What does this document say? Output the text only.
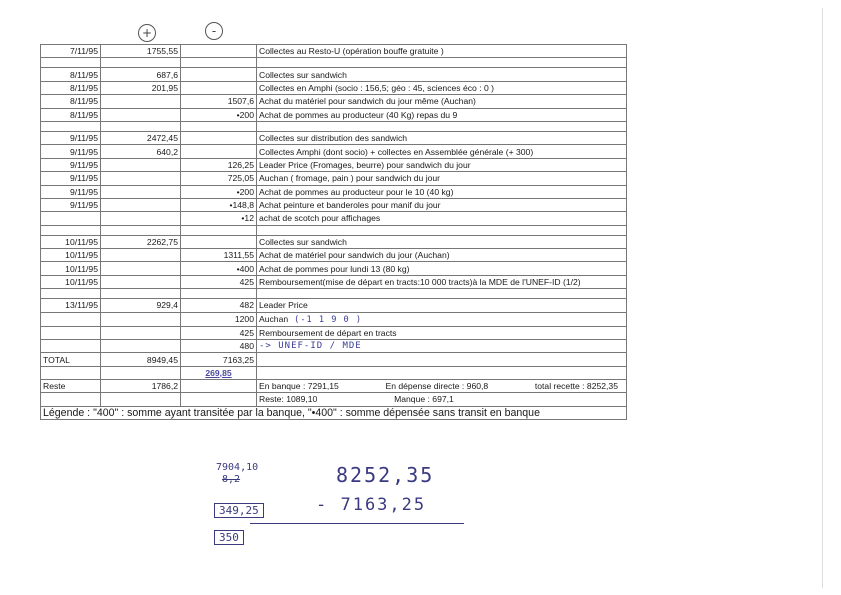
+	-
7/11/95	1755,55		Collectes au Resto-U (opération bouffe gratuite )

8/11/95	687,6		Collectes sur sandwich
8/11/95	201,95		Collectes en Amphi (socio : 156,5; géo : 45, sciences éco : 0 )
8/11/95		1507,6	Achat du matériel pour sandwich du jour même (Auchan)
8/11/95		•200	Achat de pommes au producteur (40 Kg) repas du 9

9/11/95	2472,45		Collectes sur distribution des sandwich
9/11/95	640,2		Collectes Amphi (dont socio) + collectes en Assemblée générale (+ 300)
9/11/95		126,25	Leader Price (Fromages, beurre) pour sandwich du jour
9/11/95		725,05	Auchan ( fromage, pain ) pour sandwich du jour
9/11/95		•200	Achat de pommes au producteur pour le 10 (40 kg)
9/11/95		•148,8	Achat peinture et banderoles pour manif du jour
		•12	achat de scotch pour affichages

10/11/95	2262,75		Collectes sur sandwich
10/11/95		1311,55	Achat de matériel pour sandwich du jour (Auchan)
10/11/95		•400	Achat de pommes pour lundi 13 (80 kg)
10/11/95		425	Remboursement(mise de départ en tracts:10 000 tracts)à la MDE de l'UNEF-ID (1/2)

13/11/95	929,4	482	Leader Price
		1200	Auchan (-1 1 9 0 )
		425	Remboursement de départ en tracts
		480	-> UNEF-ID / MDE
TOTAL	8949,45	7163,25	
		269,85	
Reste	1786,2		En banque : 7291,15 En dépense directe : 960,8 total recette : 8252,35

			Reste: 1089,10 Manque : 697,1
Légende : "400" : somme ayant transitée par la banque, "•400" : somme dépensée sans transit en banque			
7904,10
8,2
349,25
350
8252,35
- 7163,25
